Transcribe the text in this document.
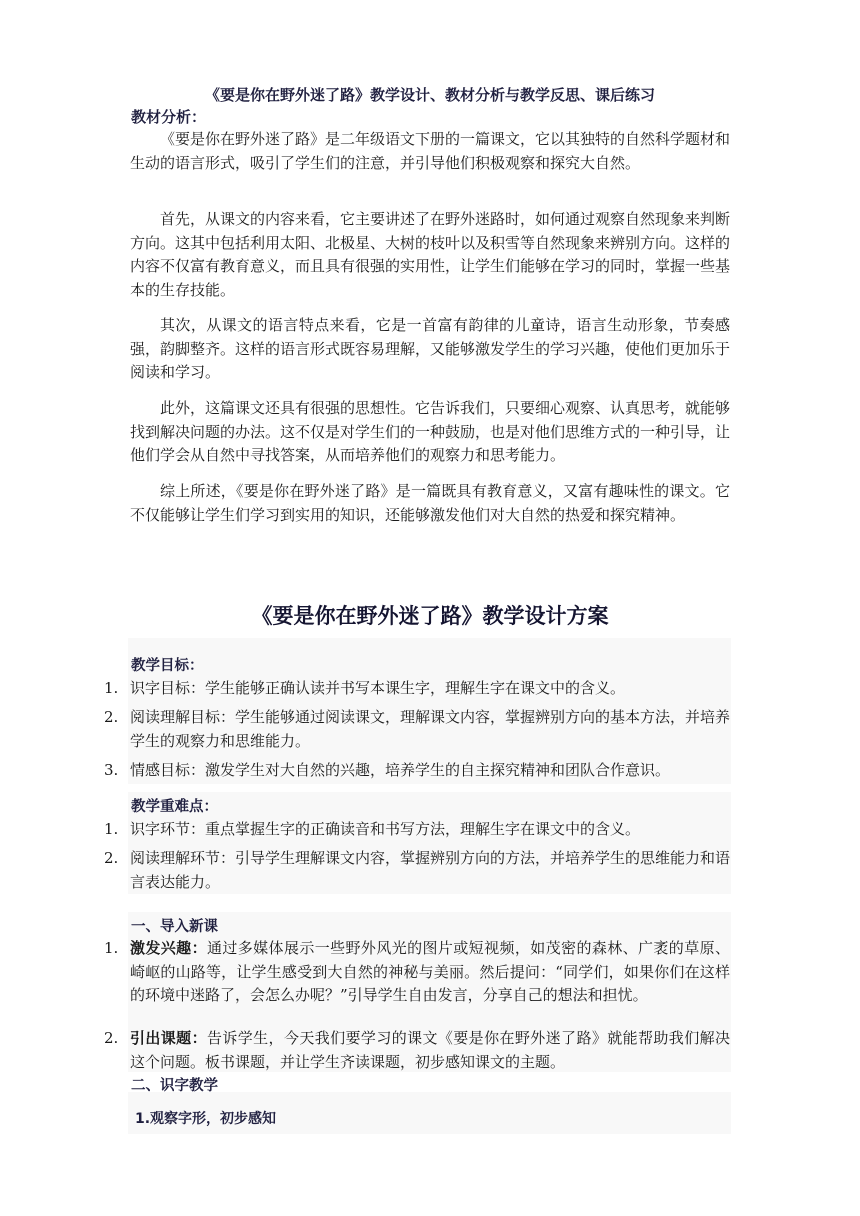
《要是你在野外迷了路》教学设计、教材分析与教学反思、课后练习
教材分析：

《要是你在野外迷了路》是二年级语文下册的一篇课文，它以其独特的自然科学题材和生动的语言形式，吸引了学生们的注意，并引导他们积极观察和探究大自然。

首先，从课文的内容来看，它主要讲述了在野外迷路时，如何通过观察自然现象来判断方向。这其中包括利用太阳、北极星、大树的枝叶以及积雪等自然现象来辨别方向。这样的内容不仅富有教育意义，而且具有很强的实用性，让学生们能够在学习的同时，掌握一些基本的生存技能。

其次，从课文的语言特点来看，它是一首富有韵律的儿童诗，语言生动形象，节奏感强，韵脚整齐。这样的语言形式既容易理解，又能够激发学生的学习兴趣，使他们更加乐于阅读和学习。

此外，这篇课文还具有很强的思想性。它告诉我们，只要细心观察、认真思考，就能够找到解决问题的办法。这不仅是对学生们的一种鼓励，也是对他们思维方式的一种引导，让他们学会从自然中寻找答案，从而培养他们的观察力和思考能力。

综上所述，《要是你在野外迷了路》是一篇既具有教育意义，又富有趣味性的课文。它不仅能够让学生们学习到实用的知识，还能够激发他们对大自然的热爱和探究精神。

《要是你在野外迷了路》教学设计方案
教学目标：
1. 识字目标：学生能够正确认读并书写本课生字，理解生字在课文中的含义。

2. 阅读理解目标：学生能够通过阅读课文，理解课文内容，掌握辨别方向的基本方法，并培养学生的观察力和思维能力。

3. 情感目标：激发学生对大自然的兴趣，培养学生的自主探究精神和团队合作意识。

教学重难点：
1. 识字环节：重点掌握生字的正确读音和书写方法，理解生字在课文中的含义。

2. 阅读理解环节：引导学生理解课文内容，掌握辨别方向的方法，并培养学生的思维能力和语言表达能力。

一、导入新课
1. 激发兴趣：通过多媒体展示一些野外风光的图片或短视频，如茂密的森林、广袤的草原、崎岖的山路等，让学生感受到大自然的神秘与美丽。然后提问：“同学们，如果你们在这样的环境中迷路了，会怎么办呢？”引导学生自由发言，分享自己的想法和担忧。

2. 引出课题：告诉学生，今天我们要学习的课文《要是你在野外迷了路》就能帮助我们解决这个问题。板书课题，并让学生齐读课题，初步感知课文的主题。

二、识字教学
1.观察字形，初步感知
